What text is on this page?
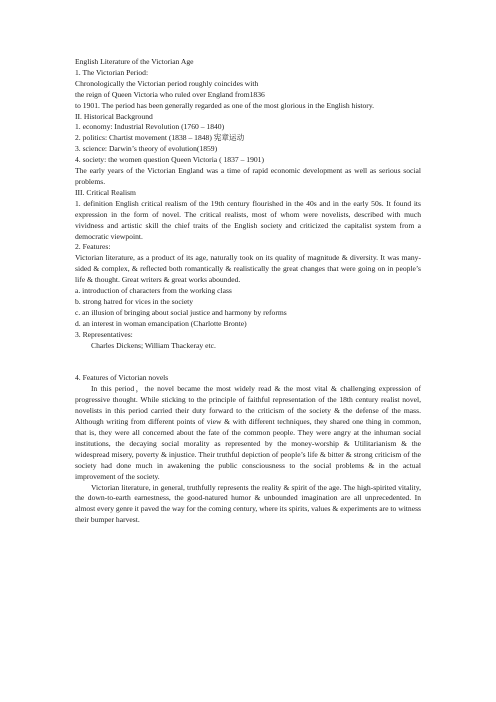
English Literature of the Victorian Age
1. The Victorian Period:
Chronologically the Victorian period roughly coincides with
the reign of Queen Victoria who ruled over England from1836
to 1901. The period has been generally regarded as one of the most glorious in the English history.
II. Historical Background
1. economy: Industrial Revolution (1760 – 1840)
2. politics: Chartist movement (1838 – 1848) 宪章运动
3. science: Darwin’s theory of evolution(1859)
4. society: the women question Queen Victoria ( 1837 – 1901)
The early years of the Victorian England was a time of rapid economic development as well as serious social problems.
III. Critical Realism
1. definition English critical realism of the 19th century flourished in the 40s and in the early 50s. It found its expression in the form of novel. The critical realists, most of whom were novelists, described with much vividness and artistic skill the chief traits of the English society and criticized the capitalist system from a democratic viewpoint.
2. Features:
Victorian literature, as a product of its age, naturally took on its quality of magnitude & diversity. It was many-sided & complex, & reflected both romantically & realistically the great changes that were going on in people’s life & thought. Great writers & great works abounded.
a. introduction of characters from the working class
b. strong hatred for vices in the society
c. an illusion of bringing about social justice and harmony by reforms
d. an interest in woman emancipation (Charlotte Bronte)
3. Representatives:
Charles Dickens; William Thackeray etc.
4. Features of Victorian novels
In this period，the novel became the most widely read & the most vital & challenging expression of progressive thought. While sticking to the principle of faithful representation of the 18th century realist novel, novelists in this period carried their duty forward to the criticism of the society & the defense of the mass. Although writing from different points of view & with different techniques, they shared one thing in common, that is, they were all concerned about the fate of the common people. They were angry at the inhuman social institutions, the decaying social morality as represented by the money-worship & Utilitarianism & the widespread misery, poverty & injustice. Their truthful depiction of people’s life & bitter & strong criticism of the society had done much in awakening the public consciousness to the social problems & in the actual improvement of the society.
Victorian literature, in general, truthfully represents the reality & spirit of the age. The high-spirited vitality, the down-to-earth earnestness, the good-natured humor & unbounded imagination are all unprecedented. In almost every genre it paved the way for the coming century, where its spirits, values & experiments are to witness their bumper harvest.
